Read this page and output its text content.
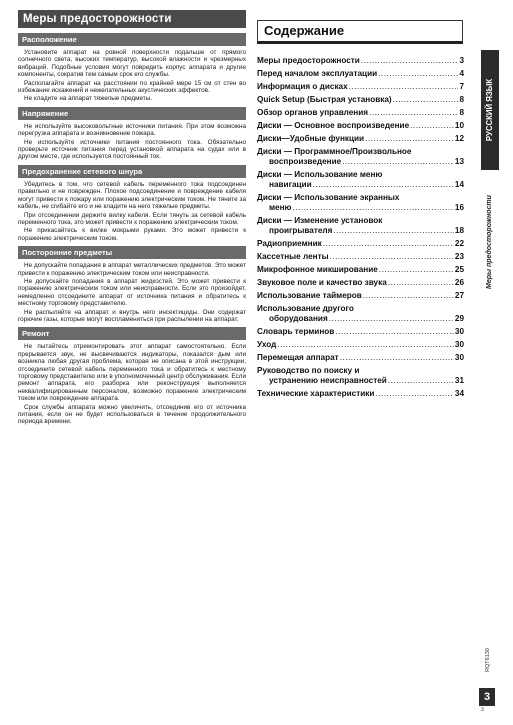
Меры предосторожности
Расположение

Установите аппарат на ровной поверхности подальше от прямого солнечного света, высоких температур, высокой влажности и чрезмерных вибраций. Подобные условия могут повредить корпус аппарата и другие компоненты, сократив тем самым срок его службы.

Располагайте аппарат на расстоянии по крайней мере 15 см от стен во избежание искажений и нежелательных акустических эффектов.

Не кладите на аппарат тяжелые предметы.

Напряжение

Не используйте высоковольтные источники питания. При этом возможна перегрузка аппарата и возникновение пожара.

Не используйте источники питания постоянного тока. Обязательно проверьте источник питания перед установкой аппарата на судах или в другом месте, где используется постоянный ток.

Предохранение сетевого шнура

Убедитесь в том, что сетевой кабель переменного тока подсоединен правильно и не поврежден. Плохое подсоединение и повреждение кабеля могут привести к пожару или поражению электрическим током. Не тяните за кабель, не сгибайте его и не кладите на него тяжелые предметы.

При отсоединении держите вилку кабеля. Если тянуть за сетевой кабель переменного тока, это может привести к поражению электрическим током.

Не прикасайтесь к вилке мокрыми руками. Это может привести к поражению электрическим током.

Посторонние предметы

Не допускайте попадания в аппарат металлических предметов. Это может привести к поражению электрическим током или неисправности.

Не допускайте попадания в аппарат жидкостей. Это может привести к поражению электрическим током или неисправности. Если это произойдет, немедленно отсоедините аппарат от источника питания и обратитесь к местному торговому представителю.

Не распыляйте на аппарат и внутрь него инсектициды. Они содержат горючие газы, которые могут воспламениться при распылении на аппарат.

Ремонт

Не пытайтесь отремонтировать этот аппарат самостоятельно. Если прерывается звук, не высвечиваются индикаторы, показался дым или возникла любая другая проблема, которая не описана в этой инструкции, отсоедините сетевой кабель переменного тока и обратитесь к местному торговому представителю или в уполномоченный центр обслуживания. Если ремонт аппарата, его разборка или реконструкция выполняется неквалифицированным персоналом, возможно поражение электрическим током или повреждение аппарата.

Срок службы аппарата можно увеличить, отсоединив его от источника питания, если он не будет использоваться в течение продолжительного периода времени.

Содержание
Меры предосторожности .....	3
Перед началом эксплуатации .....	4
Информация о дисках .....	7
Quick Setup (Быстрая установка) .....	8
Обзор органов управления .....	8
Диски — Основное воспроизведение .....	10
Диски—Удобные функции .....	12
Диски — Программное/Произвольное
воспроизведение .....	13
Диски — Использование меню
навигации .....	14
Диски — Использование экранных
меню .....	16
Диски — Изменение установок
проигрывателя .....	18
Радиоприемник .....	22
Кассетные ленты .....	23
Микрофонное микширование .....	25
Звуковое поле и качество звука .....	26
Использование таймеров .....	27
Использование другого
оборудования .....	29
Словарь терминов .....	30
Уход .....	30
Перемещая аппарат .....	30
Руководство по поиску и
устранению неисправностей .....	31
Технические характеристики .....	34
РУССКИЙ ЯЗЫК
Меры предосторожности
RQT6130
3
3
